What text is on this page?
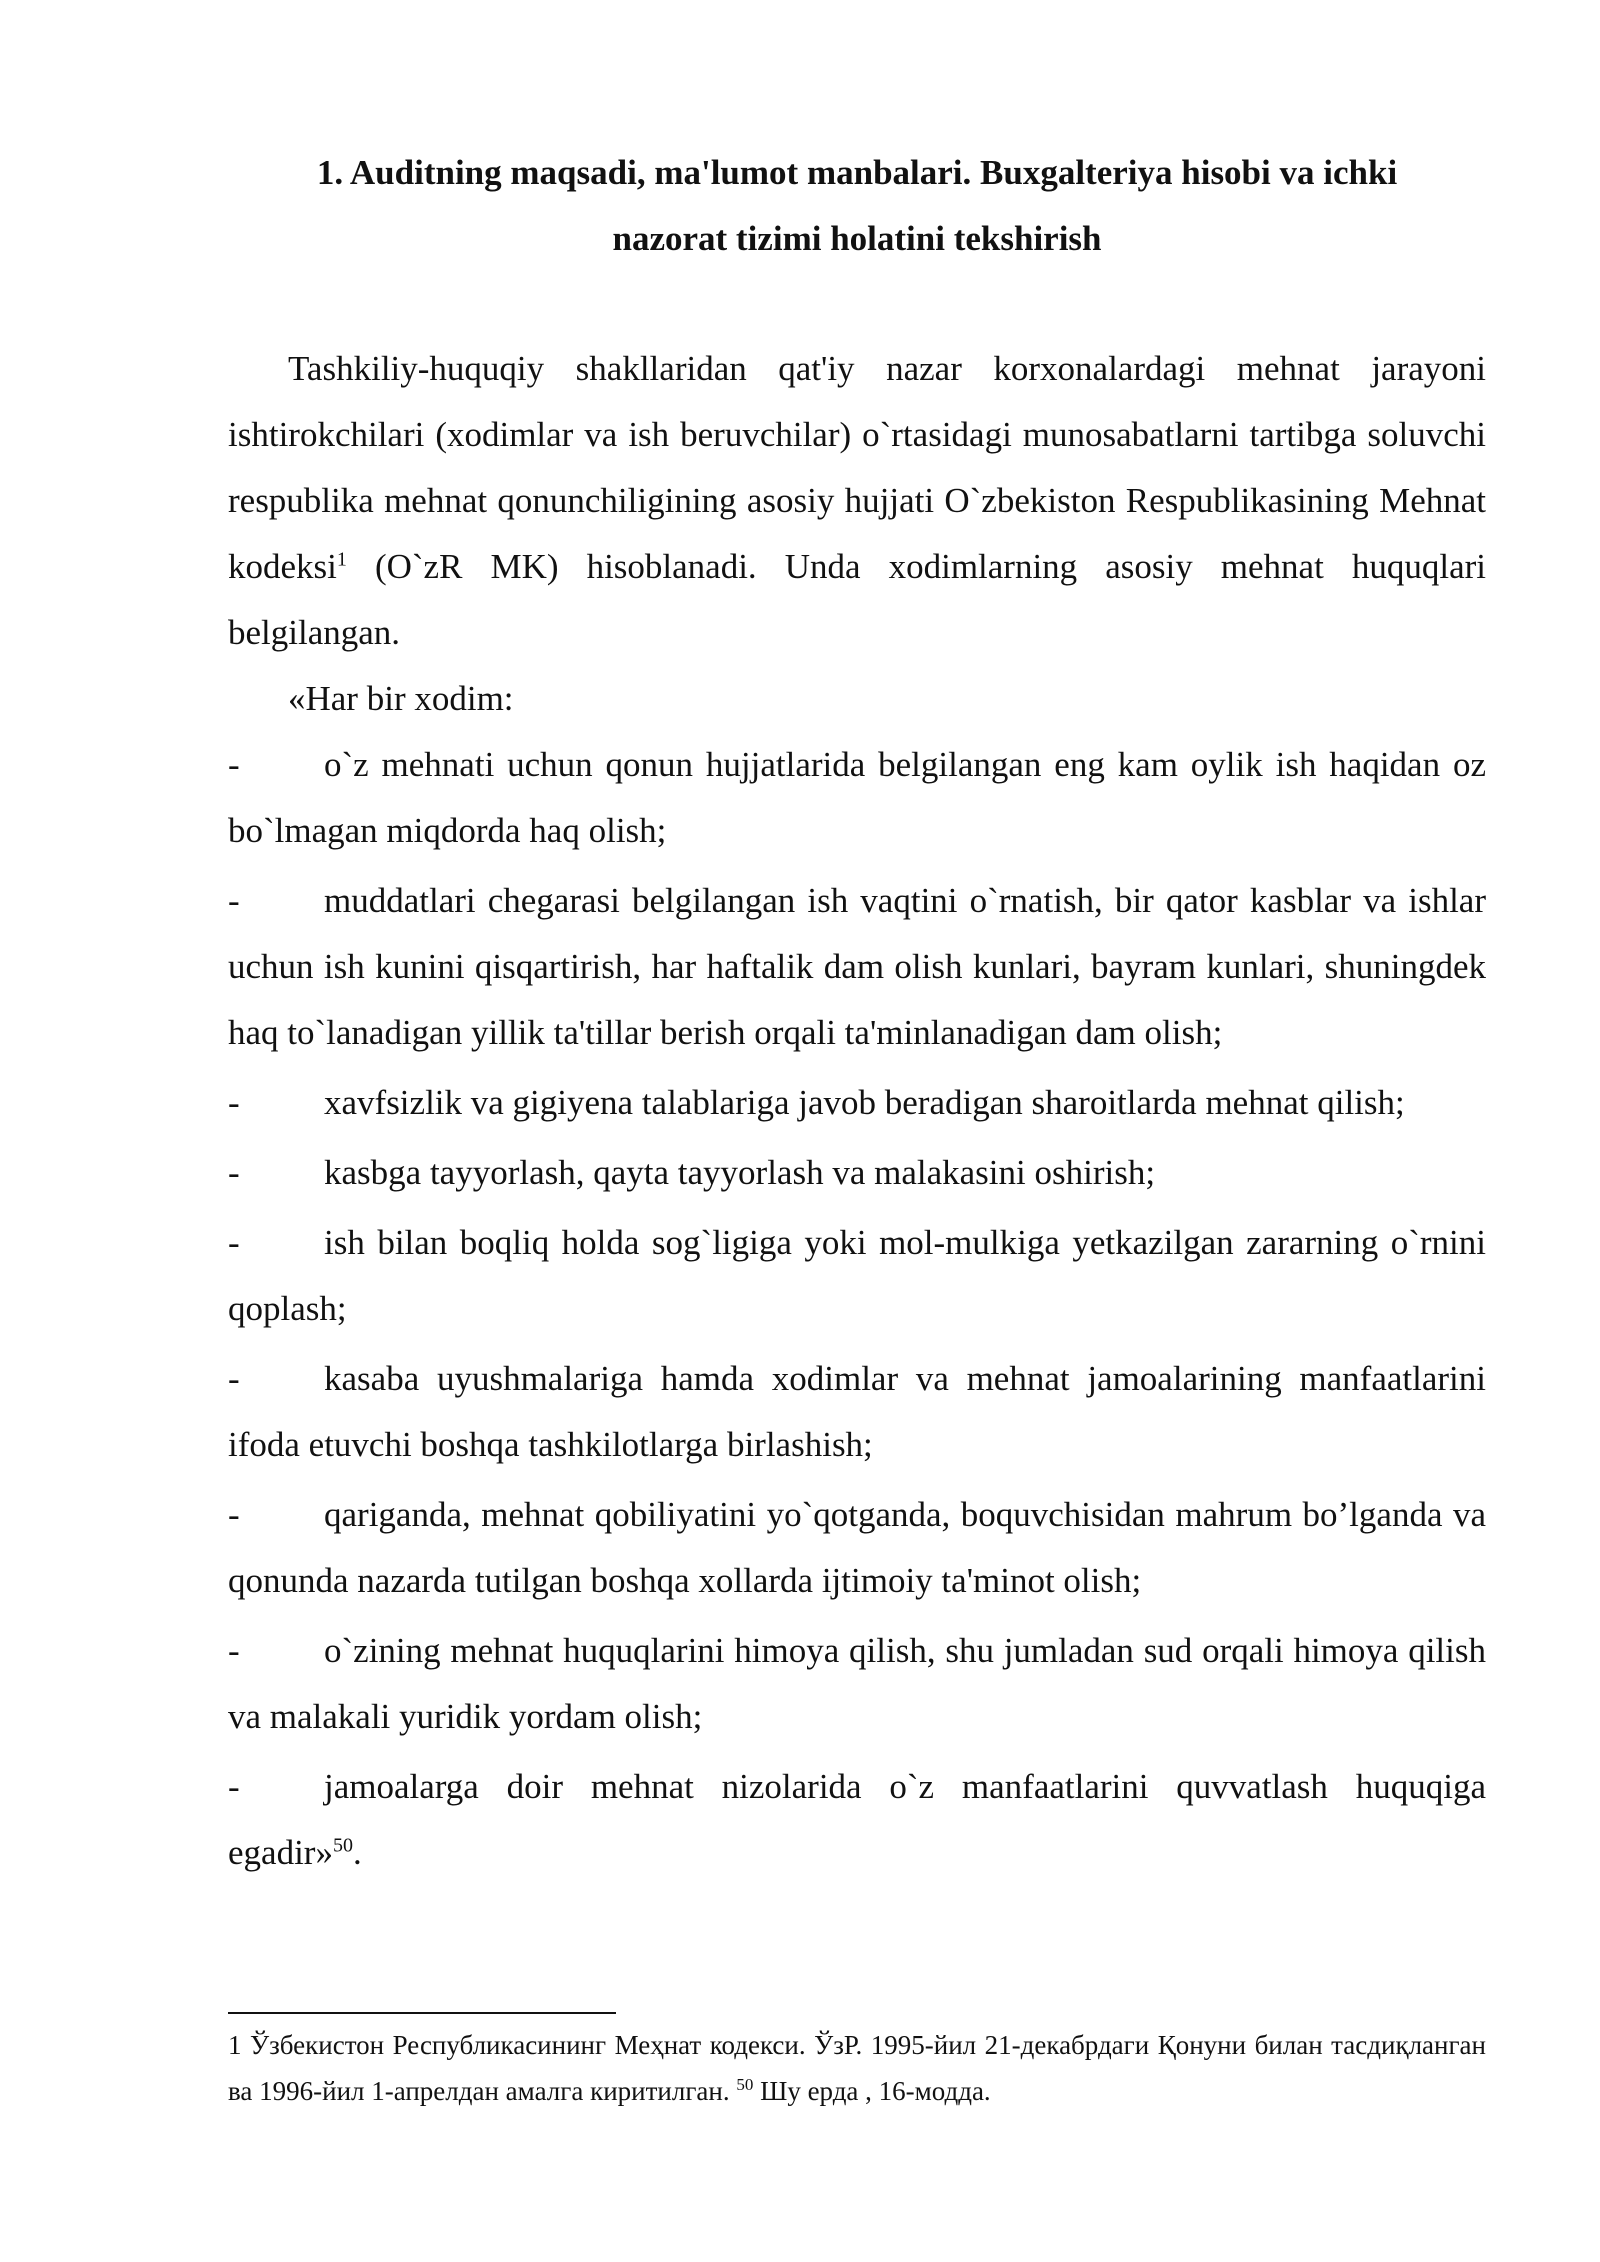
1. Auditning maqsadi, ma'lumot manbalari. Buxgalteriya hisobi va ichki
nazorat tizimi holatini tekshirish

Tashkiliy-huquqiy shakllaridan qat'iy nazar korxonalardagi mehnat jarayoni ishtirokchilari (xodimlar va ish beruvchilar) o`rtasidagi munosabatlarni tartibga soluvchi respublika mehnat qonunchiligining asosiy hujjati O`zbekiston Respublikasining Mehnat kodeksi$^1$ (O`zR MK) hisoblanadi. Unda xodimlarning asosiy mehnat huquqlari belgilangan.

«Har bir xodim:

- o`z mehnati uchun qonun hujjatlarida belgilangan eng kam oylik ish haqidan oz bo`lmagan miqdorda haq olish;

- muddatlari chegarasi belgilangan ish vaqtini o`rnatish, bir qator kasblar va ishlar uchun ish kunini qisqartirish, har haftalik dam olish kunlari, bayram kunlari, shuningdek haq to`lanadigan yillik ta'tillar berish orqali ta'minlanadigan dam olish;

- xavfsizlik va gigiyena talablariga javob beradigan sharoitlarda mehnat qilish;

- kasbga tayyorlash, qayta tayyorlash va malakasini oshirish;

- ish bilan boqliq holda sog`ligiga yoki mol-mulkiga yetkazilgan zararning o`rnini qoplash;

- kasaba uyushmalariga hamda xodimlar va mehnat jamoalarining manfaatlarini ifoda etuvchi boshqa tashkilotlarga birlashish;

- qariganda, mehnat qobiliyatini yo`qotganda, boquvchisidan mahrum bo’lganda va qonunda nazarda tutilgan boshqa xollarda ijtimoiy ta'minot olish;

- o`zining mehnat huquqlarini himoya qilish, shu jumladan sud orqali himoya qilish va malakali yuridik yordam olish;

- jamoalarga doir mehnat nizolarida o`z manfaatlarini quvvatlash huquqiga egadir»$^{50}$.

1 Ўзбекистон Республикасининг Меҳнат кодекси. ЎзР. 1995-йил 21-декабрдаги Қонуни билан тасдиқланган ва 1996-йил 1-апрелдан амалга киритилган. $^{50}$ Шу ерда , 16-модда.
